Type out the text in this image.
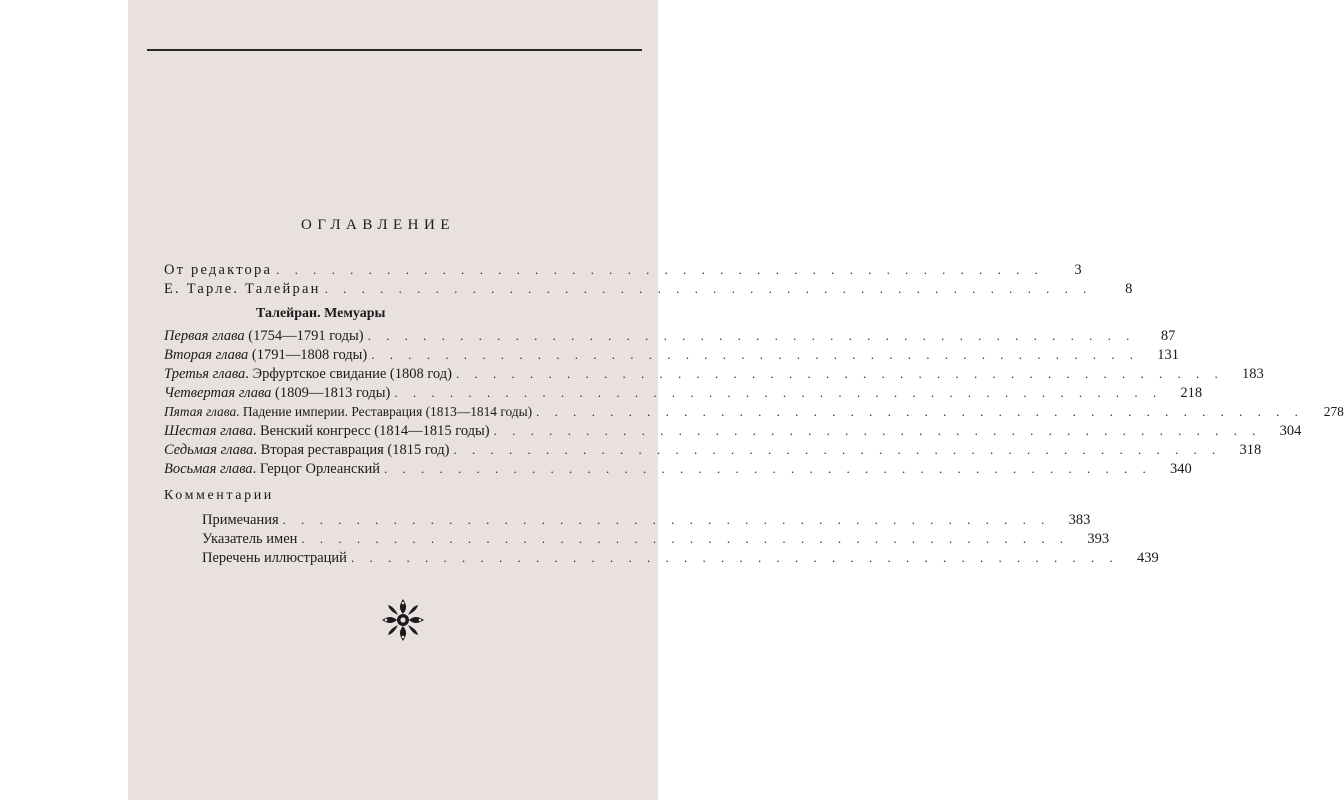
ОГЛАВЛЕНИЕ
От редактора . . . . . . . . . . . . . . . . . . . . . . . . . . . . . . . . . . . . . . . . . .	3
Е. Тарле. Талейран . . . . . . . . . . . . . . . . . . . . . . . . . . . . . . . . . . . . . . . . . .	8
Талейран. Мемуары
Первая глава (1754—1791 годы) . . . . . . . . . . . . . . . . . . . . . . . . . . . . . . . . . . . . . . . . . .	87
Вторая глава (1791—1808 годы) . . . . . . . . . . . . . . . . . . . . . . . . . . . . . . . . . . . . . . . . . .	131
Третья глава. Эрфуртское свидание (1808 год) . . . . . . . . . . . . . . . . . . . . . . . . . . . . . . . . . . . . . . . . . .	183
Четвертая глава (1809—1813 годы) . . . . . . . . . . . . . . . . . . . . . . . . . . . . . . . . . . . . . . . . . .	218
Пятая глава. Падение империи. Реставрация (1813—1814 годы) . . . . . . . . . . . . . . . . . . . . . . . . . . . . . . . . . . . . . . . . . .	278
Шестая глава. Венский конгресс (1814—1815 годы) . . . . . . . . . . . . . . . . . . . . . . . . . . . . . . . . . . . . . . . . . .	304
Седьмая глава. Вторая реставрация (1815 год) . . . . . . . . . . . . . . . . . . . . . . . . . . . . . . . . . . . . . . . . . .	318
Восьмая глава. Герцог Орлеанский . . . . . . . . . . . . . . . . . . . . . . . . . . . . . . . . . . . . . . . . . .	340
Комментарии
Примечания . . . . . . . . . . . . . . . . . . . . . . . . . . . . . . . . . . . . . . . . . .	383
Указатель имен . . . . . . . . . . . . . . . . . . . . . . . . . . . . . . . . . . . . . . . . . .	393
Перечень иллюстраций . . . . . . . . . . . . . . . . . . . . . . . . . . . . . . . . . . . . . . . . . .	439
